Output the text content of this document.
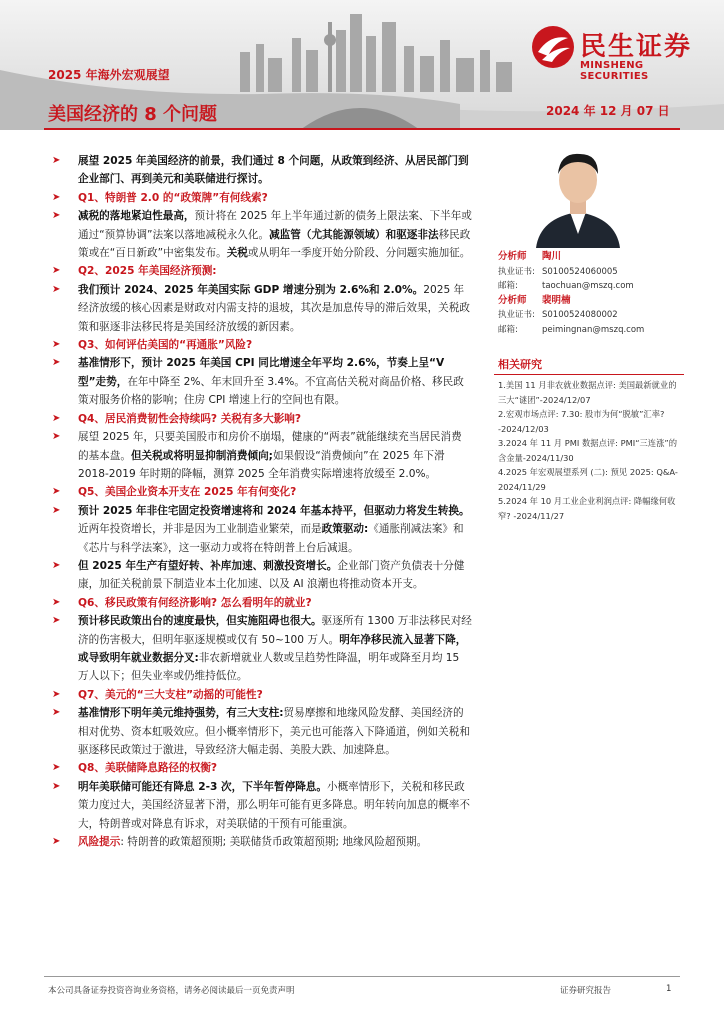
民生证券
MINSHENG SECURITIES
2025 年海外宏观展望
美国经济的 8 个问题	2024 年 12 月 07 日
➤ 展望 2025 年美国经济的前景，我们通过 8 个问题，从政策到经济、从居民部门到企业部门、再到美元和美联储进行探讨。
➤ Q1、特朗普 2.0 的“政策牌”有何线索?
➤ 减税的落地紧迫性最高，预计将在 2025 年上半年通过新的债务上限法案、下半年或通过“预算协调”法案以落地减税永久化。减监管（尤其能源领域）和驱逐非法移民政策或在“百日新政”中密集发布。关税或从明年一季度开始分阶段、分问题实施加征。
➤ Q2、2025 年美国经济预测:
➤ 我们预计 2024、2025 年美国实际 GDP 增速分别为 2.6%和 2.0%。2025 年经济放缓的核心因素是财政对内需支持的退坡，其次是加息传导的滞后效果，关税政策和驱逐非法移民将是美国经济放缓的新因素。
➤ Q3、如何评估美国的“再通胀”风险?
➤ 基准情形下，预计 2025 年美国 CPI 同比增速全年平均 2.6%，节奏上呈“V 型”走势，在年中降至 2%、年末回升至 3.4%。不宜高估关税对商品价格、移民政策对服务价格的影响；住房 CPI 增速上行的空间也有限。
➤ Q4、居民消费韧性会持续吗? 关税有多大影响?
➤ 展望 2025 年，只要美国股市和房价不崩塌，健康的“两表”就能继续充当居民消费的基本盘。但关税或将明显抑制消费倾向;如果假设“消费倾向”在 2025 年下滑 2018-2019 年时期的降幅，测算 2025 全年消费实际增速将放缓至 2.0%。
➤ Q5、美国企业资本开支在 2025 年有何变化?
➤ 预计 2025 年非住宅固定投资增速将和 2024 年基本持平，但驱动力将发生转换。近两年投资增长，并非是因为工业制造业繁荣，而是政策驱动:《通胀削减法案》和《芯片与科学法案》，这一驱动力或将在特朗普上台后减退。
➤ 但 2025 年生产有望好转、补库加速、刺激投资增长。企业部门资产负债表十分健康，加征关税前景下制造业本土化加速、以及 AI 浪潮也将推动资本开支。
➤ Q6、移民政策有何经济影响? 怎么看明年的就业?
➤ 预计移民政策出台的速度最快，但实施阻碍也很大。驱逐所有 1300 万非法移民对经济的伤害极大，但明年驱逐规模或仅有 50~100 万人。明年净移民流入显著下降，或导致明年就业数据分叉:非农新增就业人数或呈趋势性降温，明年或降至月均 15 万人以下；但失业率或仍维持低位。
➤ Q7、美元的“三大支柱”动摇的可能性?
➤ 基准情形下明年美元维持强势，有三大支柱:贸易摩擦和地缘风险发酵、美国经济的相对优势、资本虹吸效应。但小概率情形下，美元也可能落入下降通道，例如关税和驱逐移民政策过于激进，导致经济大幅走弱、美股大跌、加速降息。
➤ Q8、美联储降息路径的权衡?
➤ 明年美联储可能还有降息 2-3 次，下半年暂停降息。小概率情形下，关税和移民政策力度过大，美国经济显著下滑，那么明年可能有更多降息。明年转向加息的概率不大，特朗普或对降息有诉求，对美联储的干预有可能重演。
➤ 风险提示: 特朗普的政策超预期; 美联储货币政策超预期; 地缘风险超预期。
分析师 陶川
执业证书: S0100524060005
邮箱:	taochuan@mszq.com
分析师 裴明楠
执业证书: S0100524080002
邮箱:	peimingnan@mszq.com
相关研究
1.美国 11 月非农就业数据点评: 美国最新就业的三大“谜团”-2024/12/07
2.宏观市场点评: 7.30: 股市为何“脱敏”汇率? -2024/12/03
3.2024 年 11 月 PMI 数据点评: PMI“三连涨”的含金量-2024/11/30
4.2025 年宏观展望系列 (二): 预见 2025: Q&A-2024/11/29
5.2024 年 10 月工业企业利润点评: 降幅缘何收窄? -2024/11/27
本公司具备证券投资咨询业务资格，请务必阅读最后一页免责声明	证券研究报告	1
